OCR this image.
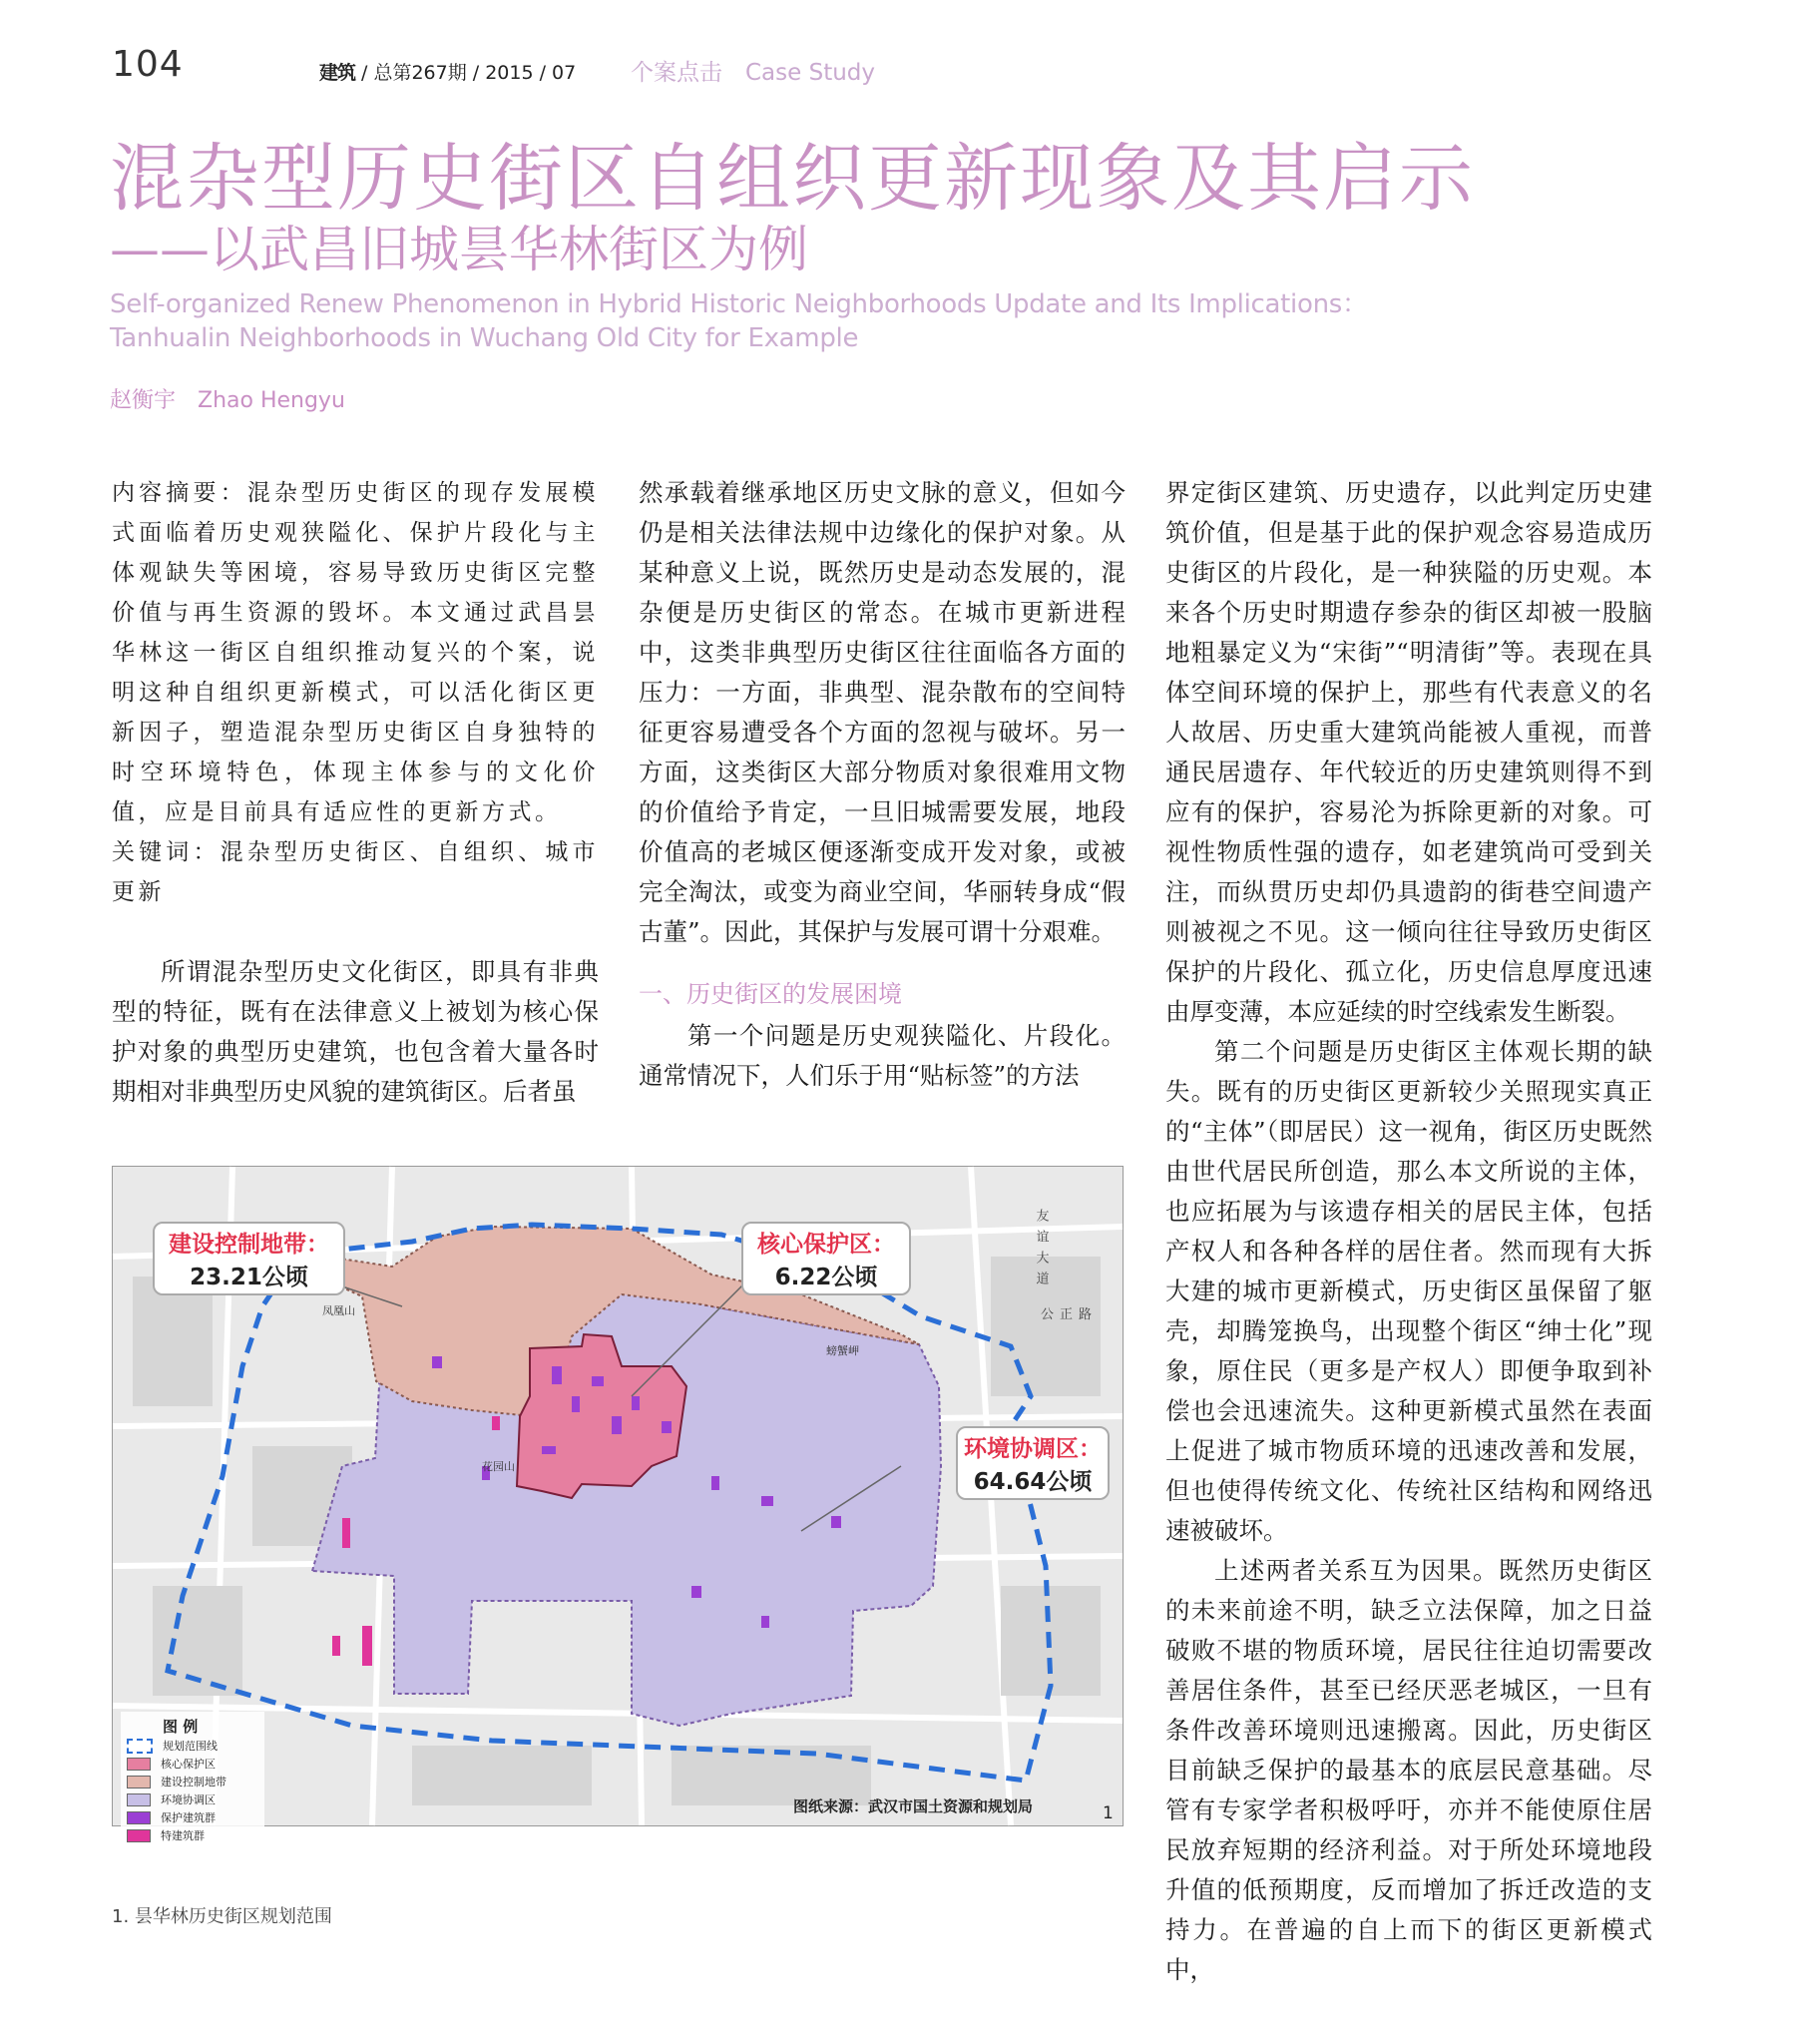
104	建筑 / 总第267期 / 2015 / 07 个案点击　Case Study
混杂型历史街区自组织更新现象及其启示
——以武昌旧城昙华林街区为例
Self-organized Renew Phenomenon in Hybrid Historic Neighborhoods Update and Its Implications：
Tanhualin Neighborhoods in Wuchang Old City for Example
赵衡宇　Zhao Hengyu

内容摘要：混杂型历史街区的现存发展模式面临着历史观狭隘化、保护片段化与主体观缺失等困境，容易导致历史街区完整价值与再生资源的毁坏。本文通过武昌昙华林这一街区自组织推动复兴的个案，说明这种自组织更新模式，可以活化街区更新因子，塑造混杂型历史街区自身独特的时空环境特色，体现主体参与的文化价值，应是目前具有适应性的更新方式。

关键词：混杂型历史街区、自组织、城市更新

所谓混杂型历史文化街区，即具有非典型的特征，既有在法律意义上被划为核心保护对象的典型历史建筑，也包含着大量各时期相对非典型历史风貌的建筑街区。后者虽

然承载着继承地区历史文脉的意义，但如今仍是相关法律法规中边缘化的保护对象。从某种意义上说，既然历史是动态发展的，混杂便是历史街区的常态。在城市更新进程中，这类非典型历史街区往往面临各方面的压力：一方面，非典型、混杂散布的空间特征更容易遭受各个方面的忽视与破坏。另一方面，这类街区大部分物质对象很难用文物的价值给予肯定，一旦旧城需要发展，地段价值高的老城区便逐渐变成开发对象，或被完全淘汰，或变为商业空间，华丽转身成“假古董”。因此，其保护与发展可谓十分艰难。

一、历史街区的发展困境

第一个问题是历史观狭隘化、片段化。通常情况下，人们乐于用“贴标签”的方法

界定街区建筑、历史遗存，以此判定历史建筑价值，但是基于此的保护观念容易造成历史街区的片段化，是一种狭隘的历史观。本来各个历史时期遗存参杂的街区却被一股脑地粗暴定义为“宋街”“明清街”等。表现在具体空间环境的保护上，那些有代表意义的名人故居、历史重大建筑尚能被人重视，而普通民居遗存、年代较近的历史建筑则得不到应有的保护，容易沦为拆除更新的对象。可视性物质性强的遗存，如老建筑尚可受到关注，而纵贯历史却仍具遗韵的街巷空间遗产则被视之不见。这一倾向往往导致历史街区保护的片段化、孤立化，历史信息厚度迅速由厚变薄，本应延续的时空线索发生断裂。

第二个问题是历史街区主体观长期的缺失。既有的历史街区更新较少关照现实真正的“主体”（即居民）这一视角，街区历史既然由世代居民所创造，那么本文所说的主体，也应拓展为与该遗存相关的居民主体，包括产权人和各种各样的居住者。然而现有大拆大建的城市更新模式，历史街区虽保留了躯壳，却腾笼换鸟，出现整个街区“绅士化”现象，原住民（更多是产权人）即便争取到补偿也会迅速流失。这种更新模式虽然在表面上促进了城市物质环境的迅速改善和发展，但也使得传统文化、传统社区结构和网络迅速被破坏。

上述两者关系互为因果。既然历史街区的未来前途不明，缺乏立法保障，加之日益破败不堪的物质环境，居民往往迫切需要改善居住条件，甚至已经厌恶老城区，一旦有条件改善环境则迅速搬离。因此，历史街区目前缺乏保护的最基本的底层民意基础。尽管有专家学者积极呼吁，亦并不能使原住居民放弃短期的经济利益。对于所处环境地段升值的低预期度，反而增加了拆迁改造的支持力。在普遍的自上而下的街区更新模式中，

凤凰山
花园山
螃蟹岬
友谊大道
公正路
建设控制地带：
23.21公顷
核心保护区：
6.22公顷
环境协调区：
64.64公顷
图 例
规划范围线
核心保护区
建设控制地带
环境协调区
保护建筑群
特建筑群
图纸来源：武汉市国土资源和规划局	1
1. 昙华林历史街区规划范围
